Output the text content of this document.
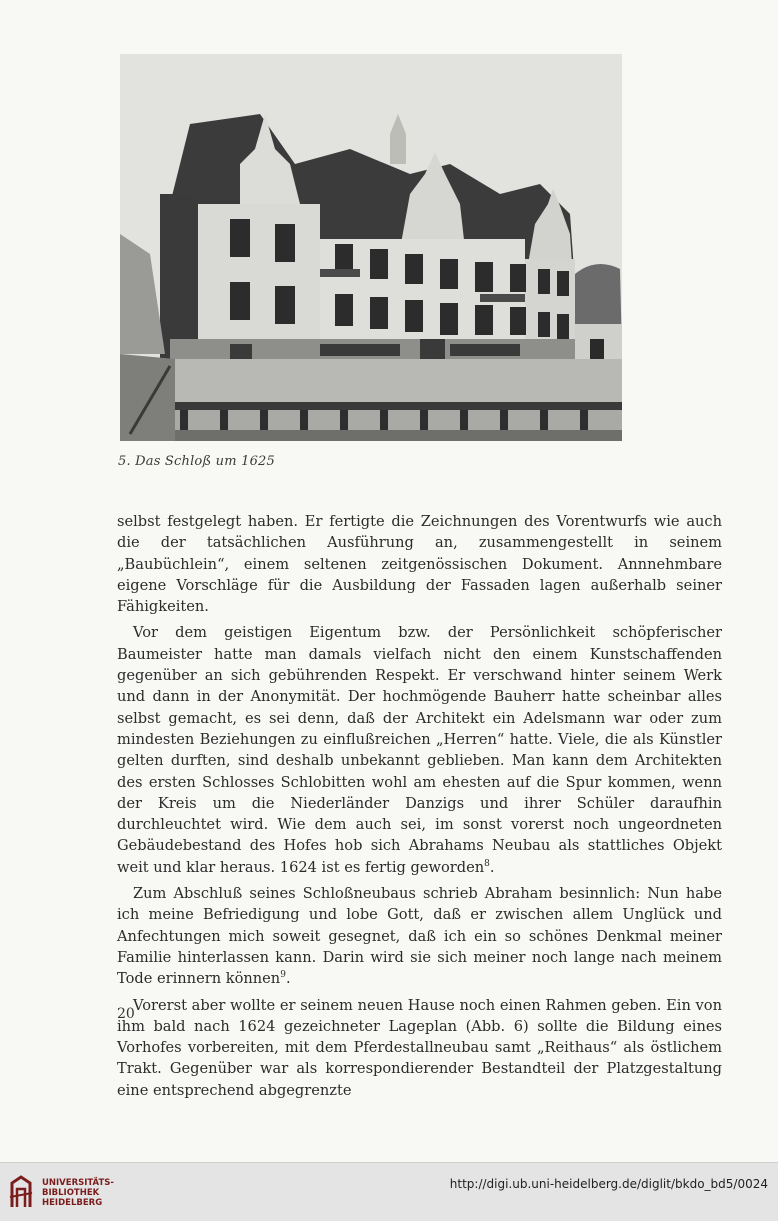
5. Das Schloß um 1625

selbst festgelegt haben. Er fertigte die Zeichnungen des Vorentwurfs wie auch die der tatsächlichen Ausführung an, zusammengestellt in seinem „Baubüchlein“, einem seltenen zeitgenössischen Dokument. Annnehmbare eigene Vorschläge für die Ausbildung der Fassaden lagen außerhalb seiner Fähigkeiten.

Vor dem geistigen Eigentum bzw. der Persönlichkeit schöpferischer Baumeister hatte man damals vielfach nicht den einem Kunstschaffenden gegenüber an sich gebührenden Respekt. Er verschwand hinter seinem Werk und dann in der Anonymität. Der hochmögende Bauherr hatte scheinbar alles selbst gemacht, es sei denn, daß der Architekt ein Adelsmann war oder zum mindesten Beziehungen zu einflußreichen „Herren“ hatte. Viele, die als Künstler gelten durften, sind deshalb unbekannt geblieben. Man kann dem Architekten des ersten Schlosses Schlobitten wohl am ehesten auf die Spur kommen, wenn der Kreis um die Niederländer Danzigs und ihrer Schüler daraufhin durchleuchtet wird. Wie dem auch sei, im sonst vorerst noch ungeordneten Gebäudebestand des Hofes hob sich Abrahams Neubau als stattliches Objekt weit und klar heraus. 1624 ist es fertig geworden$^8$.

Zum Abschluß seines Schloßneubaus schrieb Abraham besinnlich: Nun habe ich meine Befriedigung und lobe Gott, daß er zwischen allem Unglück und Anfechtungen mich soweit gesegnet, daß ich ein so schönes Denkmal meiner Familie hinterlassen kann. Darin wird sie sich meiner noch lange nach meinem Tode erinnern können$^9$.

Vorerst aber wollte er seinem neuen Hause noch einen Rahmen geben. Ein von ihm bald nach 1624 gezeichneter Lageplan (Abb. 6) sollte die Bildung eines Vorhofes vorbereiten, mit dem Pferdestallneubau samt „Reithaus“ als östlichem Trakt. Gegenüber war als korrespondierender Bestandteil der Platzgestaltung eine entsprechend abgegrenzte

20
UNIVERSITÄTS-
BIBLIOTHEK
HEIDELBERG
http://digi.ub.uni-heidelberg.de/diglit/bkdo_bd5/0024
